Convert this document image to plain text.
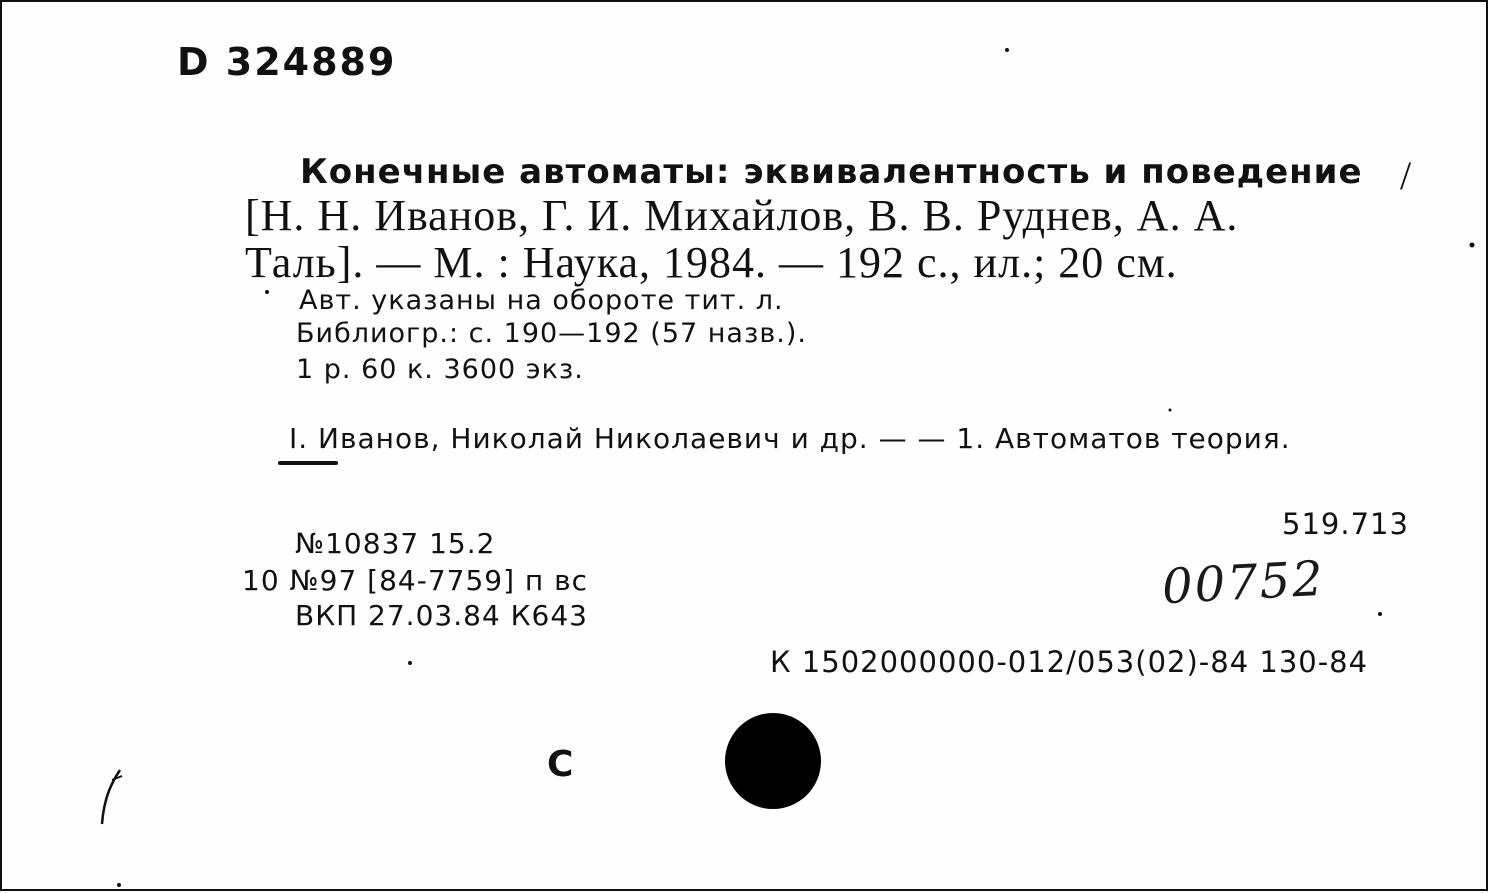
D 324889
Конечные автоматы: эквивалентность и поведение /
[Н. Н. Иванов, Г. И. Михайлов, В. В. Руднев, А. А.
Таль]. — М. : Наука, 1984. — 192 с., ил.; 20 см.
Авт. указаны на обороте тит. л.
Библиогр.: с. 190—192 (57 назв.).
1 р. 60 к. 3600 экз.
I. Иванов, Николай Николаевич и др. — — 1. Автоматов теория.
519.713
№10837 15.2
10 №97 [84-7759] п вс
ВКП 27.03.84 К643
00752
К 1502000000-012/053(02)-84 130-84
С
